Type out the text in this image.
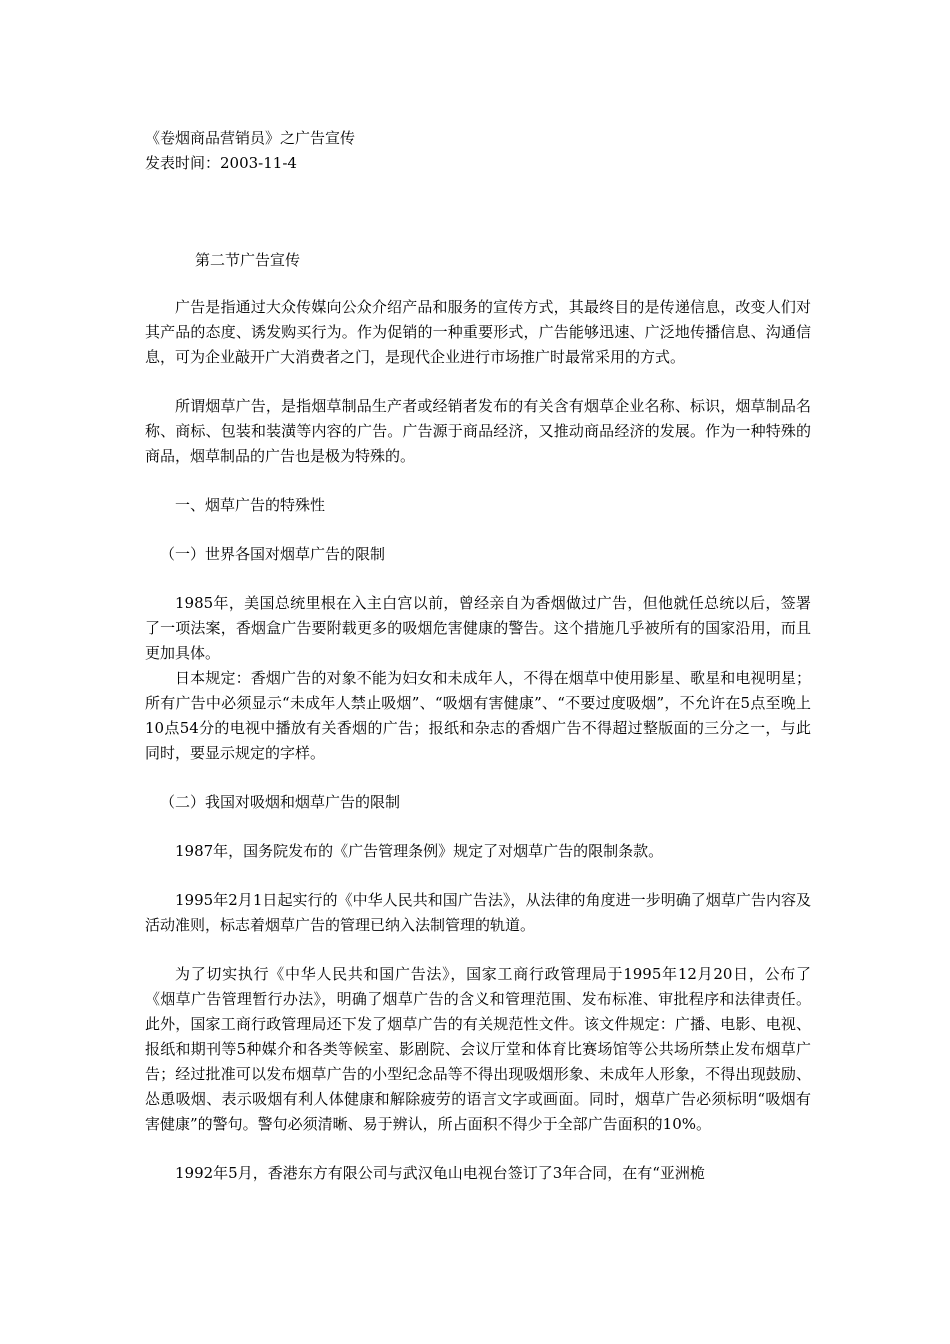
《卷烟商品营销员》之广告宣传

发表时间：2003-11-4

第二节广告宣传

广告是指通过大众传媒向公众介绍产品和服务的宣传方式，其最终目的是传递信息，改变人们对其产品的态度、诱发购买行为。作为促销的一种重要形式，广告能够迅速、广泛地传播信息、沟通信息，可为企业敲开广大消费者之门，是现代企业进行市场推广时最常采用的方式。

所谓烟草广告，是指烟草制品生产者或经销者发布的有关含有烟草企业名称、标识，烟草制品名称、商标、包装和装潢等内容的广告。广告源于商品经济，又推动商品经济的发展。作为一种特殊的商品，烟草制品的广告也是极为特殊的。

一、烟草广告的特殊性

（一）世界各国对烟草广告的限制

1985年，美国总统里根在入主白宫以前，曾经亲自为香烟做过广告，但他就任总统以后，签署了一项法案，香烟盒广告要附载更多的吸烟危害健康的警告。这个措施几乎被所有的国家沿用，而且更加具体。

日本规定：香烟广告的对象不能为妇女和未成年人，不得在烟草中使用影星、歌星和电视明星；所有广告中必须显示“未成年人禁止吸烟”、“吸烟有害健康”、“不要过度吸烟”，不允许在5点至晚上10点54分的电视中播放有关香烟的广告；报纸和杂志的香烟广告不得超过整版面的三分之一，与此同时，要显示规定的字样。

（二）我国对吸烟和烟草广告的限制

1987年，国务院发布的《广告管理条例》规定了对烟草广告的限制条款。

1995年2月1日起实行的《中华人民共和国广告法》，从法律的角度进一步明确了烟草广告内容及活动准则，标志着烟草广告的管理已纳入法制管理的轨道。

为了切实执行《中华人民共和国广告法》，国家工商行政管理局于1995年12月20日，公布了《烟草广告管理暂行办法》，明确了烟草广告的含义和管理范围、发布标准、审批程序和法律责任。此外，国家工商行政管理局还下发了烟草广告的有关规范性文件。该文件规定：广播、电影、电视、报纸和期刊等5种媒介和各类等候室、影剧院、会议厅堂和体育比赛场馆等公共场所禁止发布烟草广告；经过批准可以发布烟草广告的小型纪念品等不得出现吸烟形象、未成年人形象，不得出现鼓励、怂恿吸烟、表示吸烟有利人体健康和解除疲劳的语言文字或画面。同时，烟草广告必须标明“吸烟有害健康”的警句。警句必须清晰、易于辨认，所占面积不得少于全部广告面积的10%。

1992年5月，香港东方有限公司与武汉龟山电视台签订了3年合同，在有“亚洲桅
